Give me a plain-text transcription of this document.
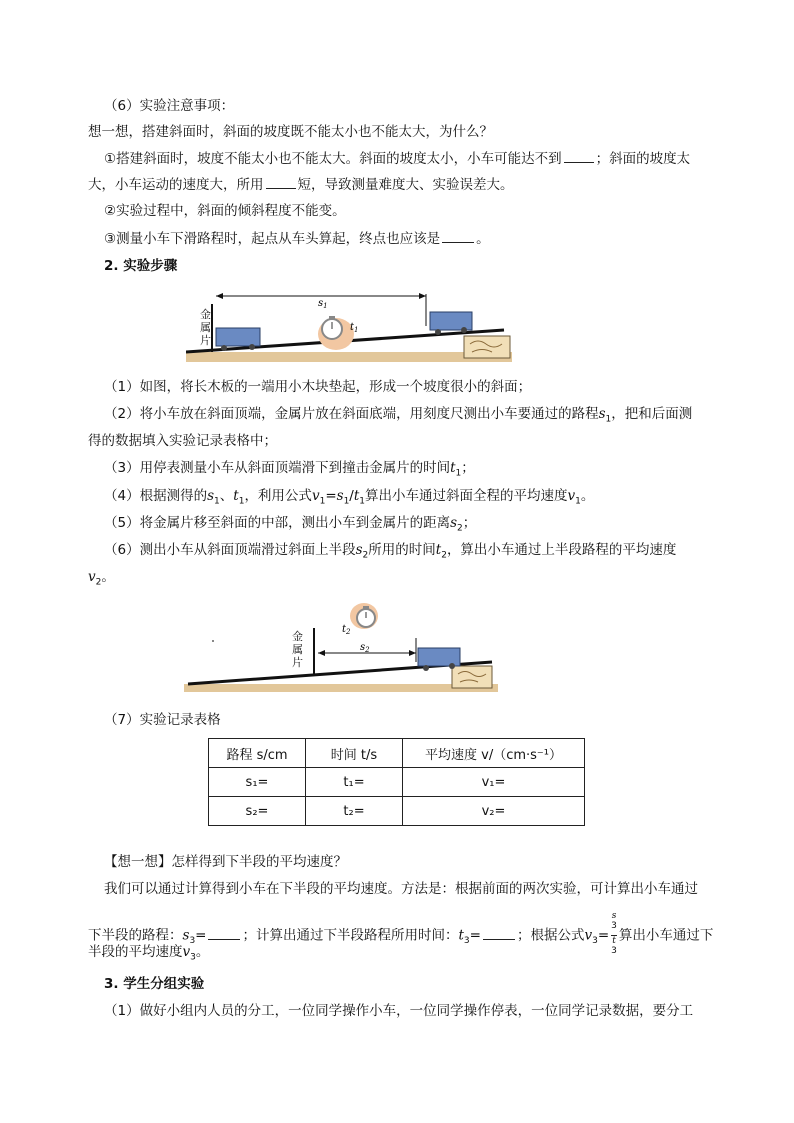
（6）实验注意事项：
想一想，搭建斜面时，斜面的坡度既不能太小也不能太大，为什么？
①搭建斜面时，坡度不能太小也不能太大。斜面的坡度太小，小车可能达不到	；斜面的坡度太
大，小车运动的速度大，所用	短，导致测量难度大、实验误差大。
②实验过程中，斜面的倾斜程度不能变。
③测量小车下滑路程时，起点从车头算起，终点也应该是	。
2. 实验步骤
金属片
$s_1$
$t_1$
（1）如图，将长木板的一端用小木块垫起，形成一个坡度很小的斜面；
（2）将小车放在斜面顶端，金属片放在斜面底端，用刻度尺测出小车要通过的路程$s_1$，把和后面测
得的数据填入实验记录表格中；
（3）用停表测量小车从斜面顶端滑下到撞击金属片的时间$t_1$；
（4）根据测得的$s_1$、$t_1$，利用公式$v_1=s_1/t_1$算出小车通过斜面全程的平均速度$v_1$。
（5）将金属片移至斜面的中部，测出小车到金属片的距离$s_2$；
（6）测出小车从斜面顶端滑过斜面上半段$s_2$所用的时间$t_2$，算出小车通过上半段路程的平均速度
$v_2$。
金属片
$s_2$
$t_2$
（7）实验记录表格
路程 s/cm	时间 t/s	平均速度 v/（cm·s⁻¹）
s₁=	t₁=	v₁=
s₂=	t₂=	v₂=
【想一想】怎样得到下半段的平均速度？
我们可以通过计算得到小车在下半段的平均速度。方法是：根据前面的两次实验，可计算出小车通过
下半段的路程：$s_3=$	；计算出通过下半段路程所用时间：$t_3=$	；根据公式$v_3= s$
$^3$
t
$^3$ 算出小车通过下
半段的平均速度$v_3$。
3. 学生分组实验
（1）做好小组内人员的分工，一位同学操作小车，一位同学操作停表，一位同学记录数据，要分工
